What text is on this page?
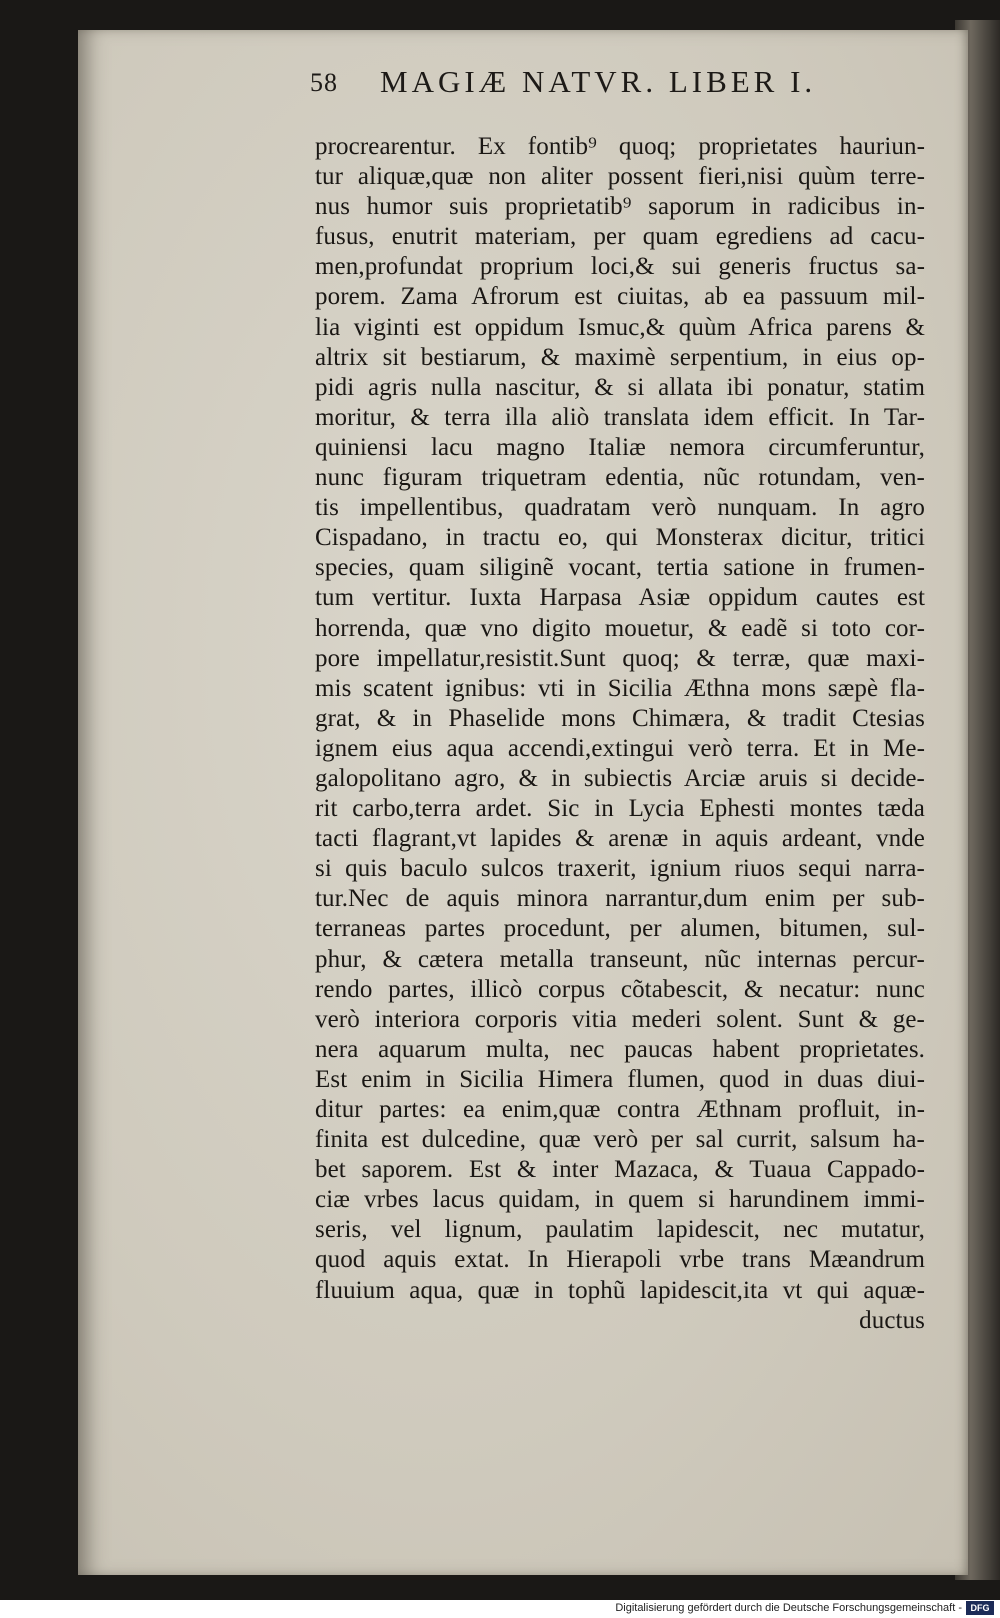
58 MAGIÆ NATVR. LIBER I.
procrearentur. Ex fontib⁹ quoq; proprietates hauriun-
tur aliquæ,quæ non aliter possent fieri,nisi quùm terre-
nus humor suis proprietatib⁹ saporum in radicibus in-
fusus, enutrit materiam, per quam egrediens ad cacu-
men,profundat proprium loci,& sui generis fructus sa-
porem. Zama Afrorum est ciuitas, ab ea passuum mil-
lia viginti est oppidum Ismuc,& quùm Africa parens &
altrix sit bestiarum, & maximè serpentium, in eius op-
pidi agris nulla nascitur, & si allata ibi ponatur, statim
moritur, & terra illa aliò translata idem efficit. In Tar-
quiniensi lacu magno Italiæ nemora circumferuntur,
nunc figuram triquetram edentia, nũc rotundam, ven-
tis impellentibus, quadratam verò nunquam. In agro
Cispadano, in tractu eo, qui Monsterax dicitur, tritici
species, quam siliginẽ vocant, tertia satione in frumen-
tum vertitur. Iuxta Harpasa Asiæ oppidum cautes est
horrenda, quæ vno digito mouetur, & eadẽ si toto cor-
pore impellatur,resistit.Sunt quoq; & terræ, quæ maxi-
mis scatent ignibus: vti in Sicilia Æthna mons sæpè fla-
grat, & in Phaselide mons Chimæra, & tradit Ctesias
ignem eius aqua accendi,extingui verò terra. Et in Me-
galopolitano agro, & in subiectis Arciæ aruis si decide-
rit carbo,terra ardet. Sic in Lycia Ephesti montes tæda
tacti flagrant,vt lapides & arenæ in aquis ardeant, vnde
si quis baculo sulcos traxerit, ignium riuos sequi narra-
tur.Nec de aquis minora narrantur,dum enim per sub-
terraneas partes procedunt, per alumen, bitumen, sul-
phur, & cætera metalla transeunt, nũc internas percur-
rendo partes, illicò corpus cõtabescit, & necatur: nunc
verò interiora corporis vitia mederi solent. Sunt & ge-
nera aquarum multa, nec paucas habent proprietates.
Est enim in Sicilia Himera flumen, quod in duas diui-
ditur partes: ea enim,quæ contra Æthnam profluit, in-
finita est dulcedine, quæ verò per sal currit, salsum ha-
bet saporem. Est & inter Mazaca, & Tuaua Cappado-
ciæ vrbes lacus quidam, in quem si harundinem immi-
seris, vel lignum, paulatim lapidescit, nec mutatur,
quod aquis extat. In Hierapoli vrbe trans Mæandrum
fluuium aqua, quæ in tophũ lapidescit,ita vt qui aquæ-
ductus
Digitalisierung gefördert durch die Deutsche Forschungsgemeinschaft - DFG
